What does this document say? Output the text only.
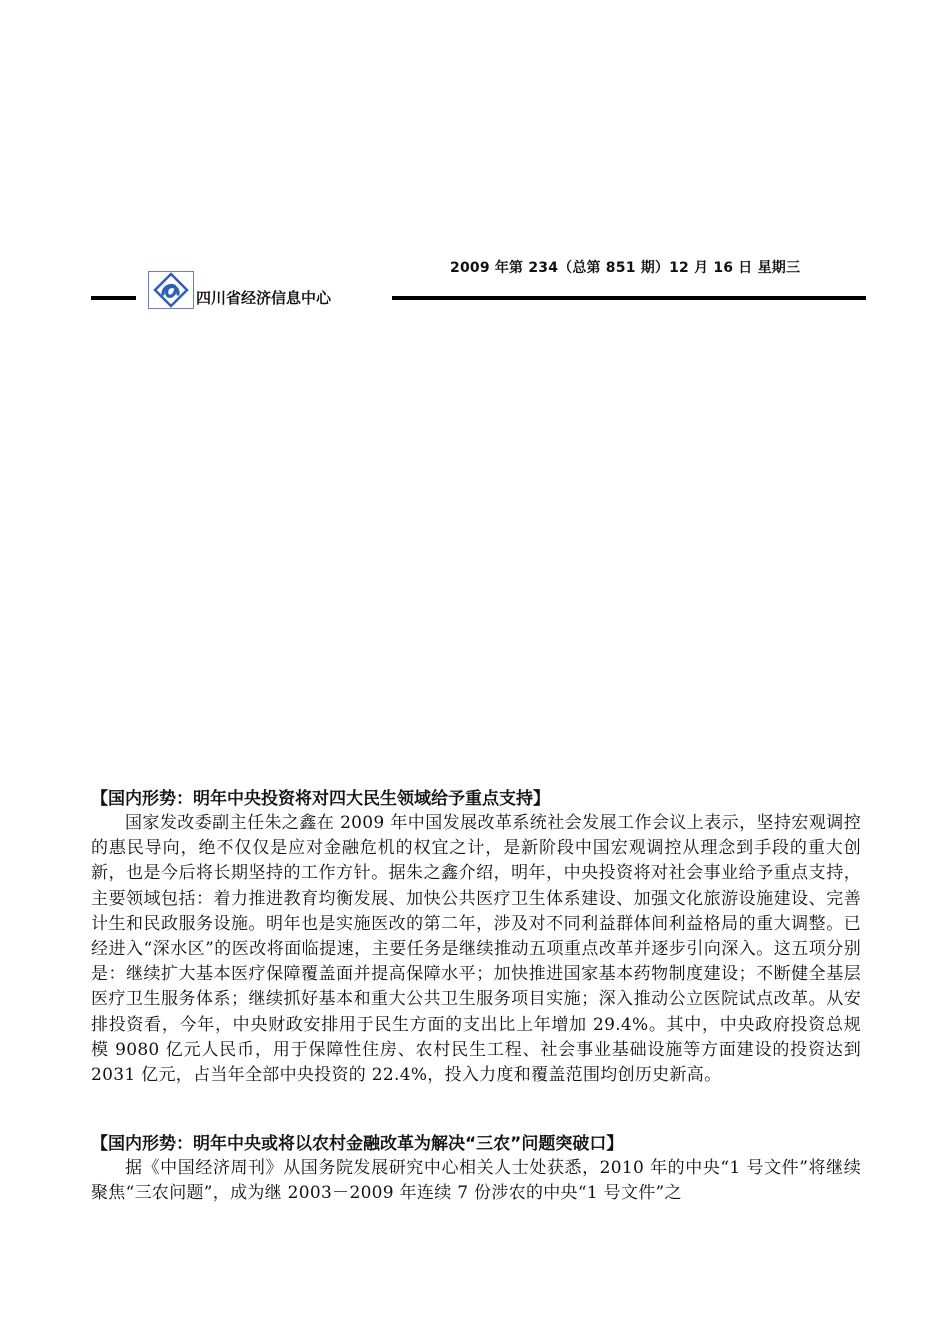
2009 年第 234（总第 851 期）12 月 16 日 星期三
四川省经济信息中心

【国内形势：明年中央投资将对四大民生领域给予重点支持】

国家发改委副主任朱之鑫在 2009 年中国发展改革系统社会发展工作会议上表示，坚持宏观调控的惠民导向，绝不仅仅是应对金融危机的权宜之计，是新阶段中国宏观调控从理念到手段的重大创新，也是今后将长期坚持的工作方针。据朱之鑫介绍，明年，中央投资将对社会事业给予重点支持，主要领域包括：着力推进教育均衡发展、加快公共医疗卫生体系建设、加强文化旅游设施建设、完善计生和民政服务设施。明年也是实施医改的第二年，涉及对不同利益群体间利益格局的重大调整。已经进入“深水区”的医改将面临提速，主要任务是继续推动五项重点改革并逐步引向深入。这五项分别是：继续扩大基本医疗保障覆盖面并提高保障水平；加快推进国家基本药物制度建设；不断健全基层医疗卫生服务体系；继续抓好基本和重大公共卫生服务项目实施；深入推动公立医院试点改革。从安排投资看，今年，中央财政安排用于民生方面的支出比上年增加 29.4%。其中，中央政府投资总规模 9080 亿元人民币，用于保障性住房、农村民生工程、社会事业基础设施等方面建设的投资达到 2031 亿元，占当年全部中央投资的 22.4%，投入力度和覆盖范围均创历史新高。

【国内形势：明年中央或将以农村金融改革为解决“三农”问题突破口】

据《中国经济周刊》从国务院发展研究中心相关人士处获悉，2010 年的中央“1 号文件”将继续聚焦“三农问题”，成为继 2003－2009 年连续 7 份涉农的中央“1 号文件”之
